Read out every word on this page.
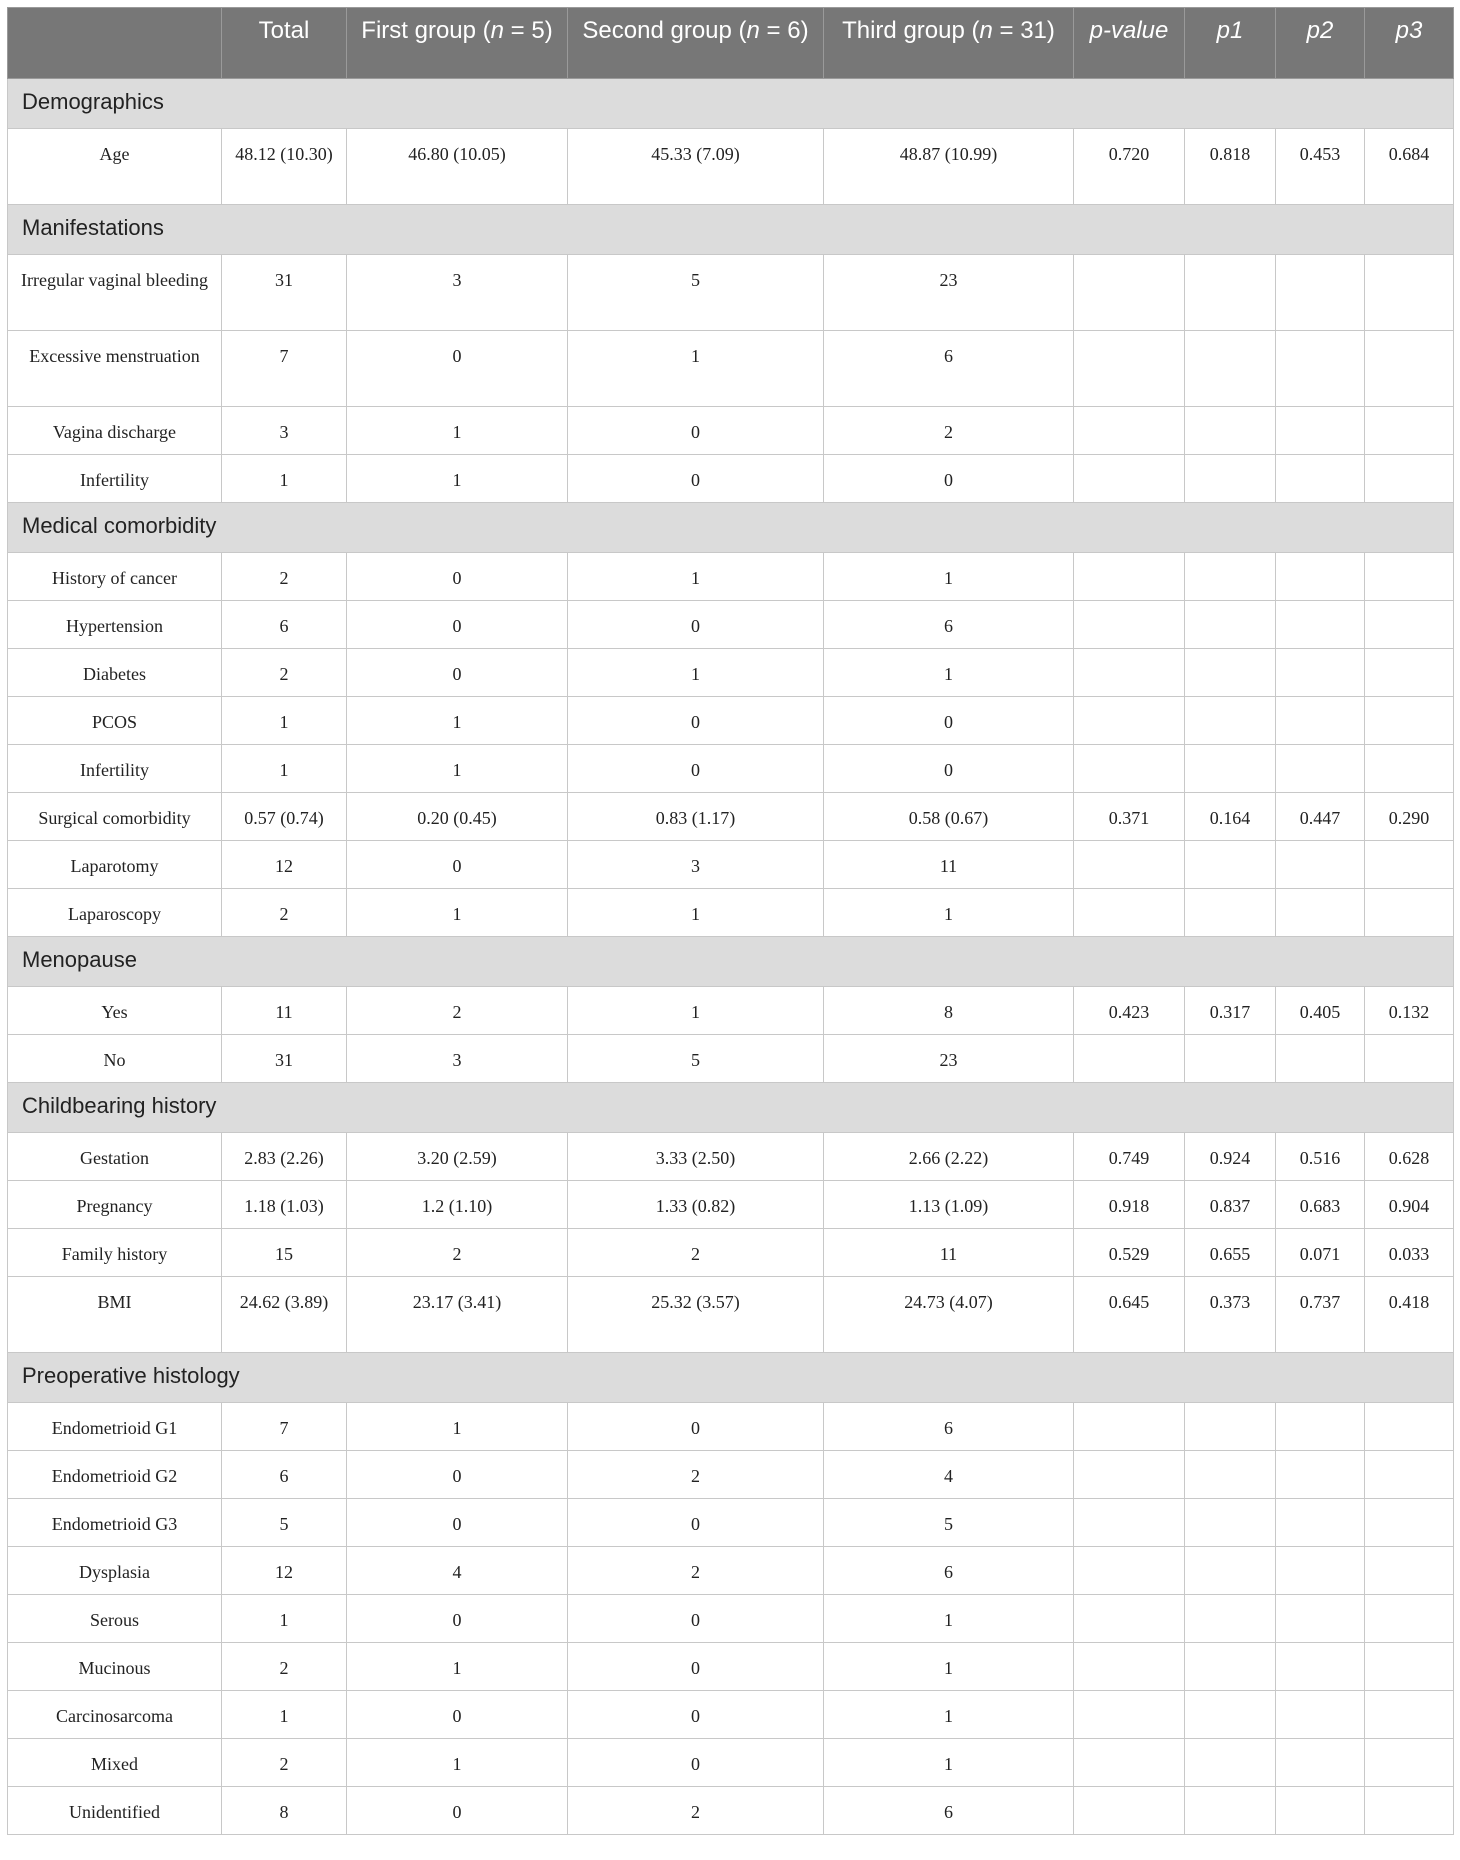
	Total	First group (n = 5)	Second group (n = 6)	Third group (n = 31)	p-value	p1	p2	p3
Demographics								
Age	48.12 (10.30)	46.80 (10.05)	45.33 (7.09)	48.87 (10.99)	0.720	0.818	0.453	0.684
Manifestations								
Irregular vaginal bleeding	31	3	5	23				
Excessive menstruation	7	0	1	6				
Vagina discharge	3	1	0	2				
Infertility	1	1	0	0				
Medical comorbidity								
History of cancer	2	0	1	1				
Hypertension	6	0	0	6				
Diabetes	2	0	1	1				
PCOS	1	1	0	0				
Infertility	1	1	0	0				
Surgical comorbidity	0.57 (0.74)	0.20 (0.45)	0.83 (1.17)	0.58 (0.67)	0.371	0.164	0.447	0.290
Laparotomy	12	0	3	11				
Laparoscopy	2	1	1	1				
Menopause								
Yes	11	2	1	8	0.423	0.317	0.405	0.132
No	31	3	5	23				
Childbearing history								
Gestation	2.83 (2.26)	3.20 (2.59)	3.33 (2.50)	2.66 (2.22)	0.749	0.924	0.516	0.628
Pregnancy	1.18 (1.03)	1.2 (1.10)	1.33 (0.82)	1.13 (1.09)	0.918	0.837	0.683	0.904
Family history	15	2	2	11	0.529	0.655	0.071	0.033
BMI	24.62 (3.89)	23.17 (3.41)	25.32 (3.57)	24.73 (4.07)	0.645	0.373	0.737	0.418
Preoperative histology								
Endometrioid G1	7	1	0	6				
Endometrioid G2	6	0	2	4				
Endometrioid G3	5	0	0	5				
Dysplasia	12	4	2	6				
Serous	1	0	0	1				
Mucinous	2	1	0	1				
Carcinosarcoma	1	0	0	1				
Mixed	2	1	0	1				
Unidentified	8	0	2	6				
